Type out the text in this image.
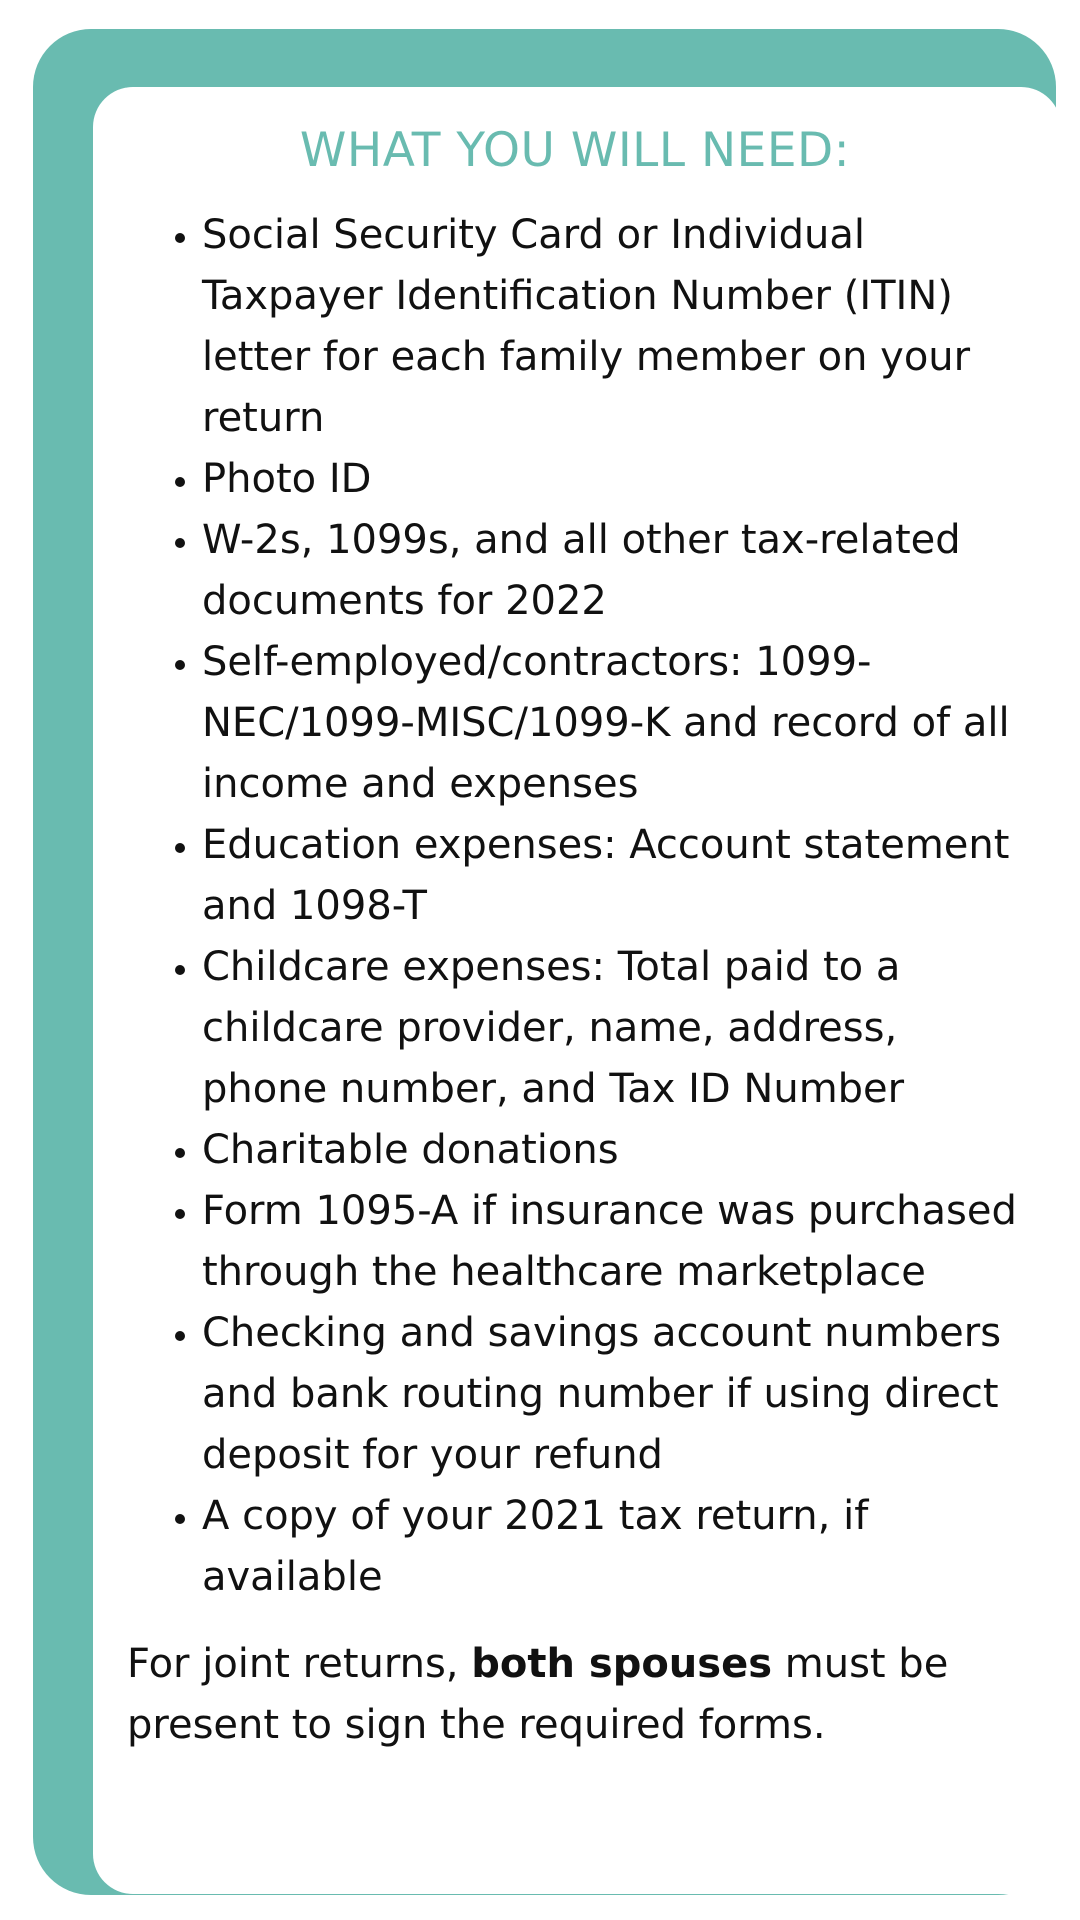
WHAT YOU WILL NEED:
• Social Security Card or Individual Taxpayer Identification Number (ITIN) letter for each family member on your return
• Photo ID
• W-2s, 1099s, and all other tax-related documents for 2022
• Self-employed/contractors: 1099-NEC/1099-MISC/1099-K and record of all income and expenses
• Education expenses: Account statement and 1098-T
• Childcare expenses: Total paid to a childcare provider, name, address, phone number, and Tax ID Number
• Charitable donations
• Form 1095-A if insurance was purchased through the healthcare marketplace
• Checking and savings account numbers and bank routing number if using direct deposit for your refund
• A copy of your 2021 tax return, if available

For joint returns, both spouses must be present to sign the required forms.
